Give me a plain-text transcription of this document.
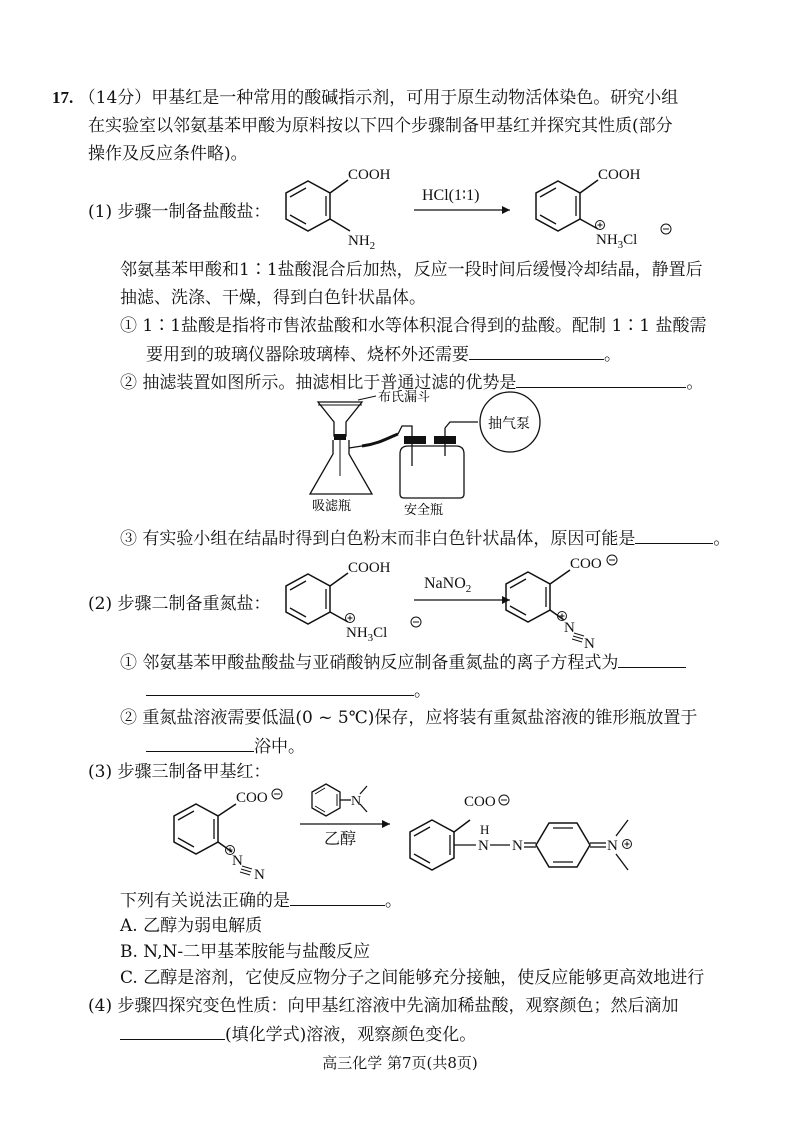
17. （14分）甲基红是一种常用的酸碱指示剂，可用于原生动物活体染色。研究小组
在实验室以邻氨基苯甲酸为原料按以下四个步骤制备甲基红并探究其性质(部分
操作及反应条件略)。
(1) 步骤一制备盐酸盐：
COOH
$NH_2$
HCl(1∶1)
COOH
$NH_3Cl$
邻氨基苯甲酸和1∶1盐酸混合后加热，反应一段时间后缓慢冷却结晶，静置后
抽滤、洗涤、干燥，得到白色针状晶体。
① 1∶1盐酸是指将市售浓盐酸和水等体积混合得到的盐酸。配制 1∶1 盐酸需
要用到的玻璃仪器除玻璃棒、烧杯外还需要	。
② 抽滤装置如图所示。抽滤相比于普通过滤的优势是	。
布氏漏斗
吸滤瓶	安全瓶
抽气泵
③ 有实验小组在结晶时得到白色粉末而非白色针状晶体，原因可能是	。
(2) 步骤二制备重氮盐：
COOH
$NH_3Cl$
NaNO$_2$
COO
N
N
① 邻氨基苯甲酸盐酸盐与亚硝酸钠反应制备重氮盐的离子方程式为
。
② 重氮盐溶液需要低温(0 ~ 5℃)保存，应将装有重氮盐溶液的锥形瓶放置于
浴中。
(3) 步骤三制备甲基红：
COO
N
N
N
乙醇
COO
H
N N	N
下列有关说法正确的是	。
A. 乙醇为弱电解质
B. N,N-二甲基苯胺能与盐酸反应
C. 乙醇是溶剂，它使反应物分子之间能够充分接触，使反应能够更高效地进行
(4) 步骤四探究变色性质：向甲基红溶液中先滴加稀盐酸，观察颜色；然后滴加
(填化学式)溶液，观察颜色变化。
高三化学 第7页(共8页)
